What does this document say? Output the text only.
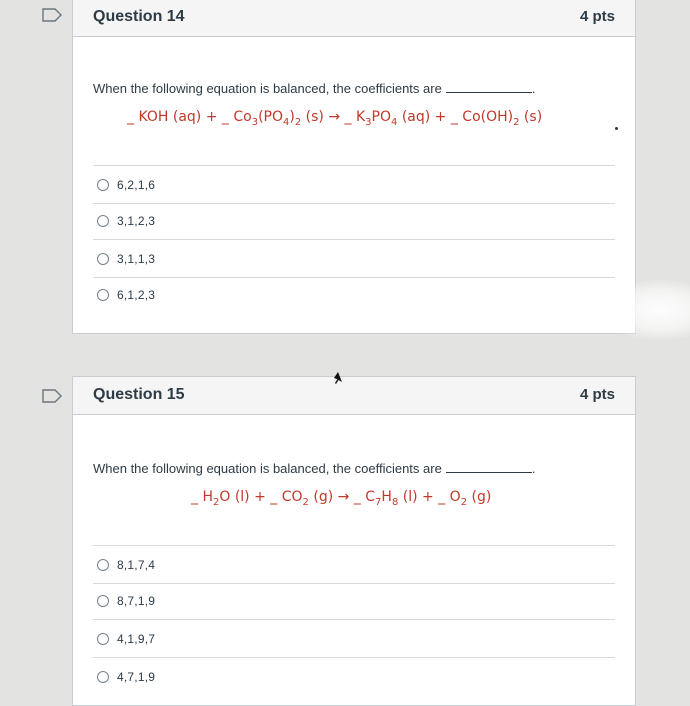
Question 14	4 pts
When the following equation is balanced, the coefficients are	.
_ KOH (aq) + _ $Co_3(PO_4)_2$ (s) → _ $K_3PO_4$ (aq) + _ $Co(OH)_2$ (s)
6,2,1,6
3,1,2,3
3,1,1,3
6,1,2,3
Question 15	4 pts
When the following equation is balanced, the coefficients are	.
_ $H_2O$ (l) + _ $CO_2$ (g) → _ $C_7H_8$ (l) + _ $O_2$ (g)
8,1,7,4
8,7,1,9
4,1,9,7
4,7,1,9
